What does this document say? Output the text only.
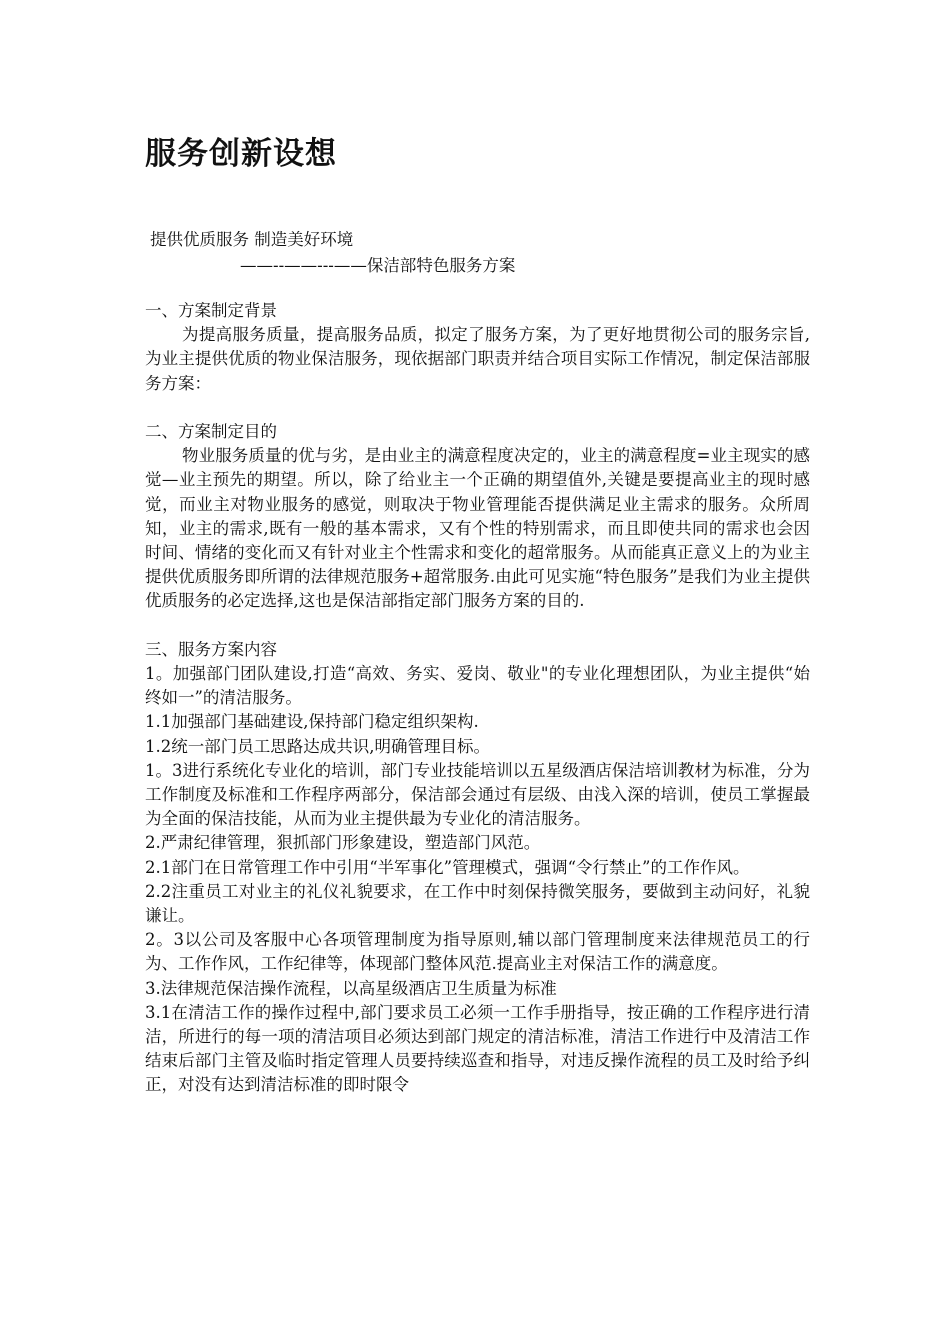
服务创新设想
提供优质服务 制造美好环境
——--——---——保洁部特色服务方案

一、方案制定背景

为提高服务质量，提高服务品质，拟定了服务方案，为了更好地贯彻公司的服务宗旨,为业主提供优质的物业保洁服务，现依据部门职责并结合项目实际工作情况，制定保洁部服务方案：

二、方案制定目的

物业服务质量的优与劣，是由业主的满意程度决定的，业主的满意程度=业主现实的感觉—业主预先的期望。所以，除了给业主一个正确的期望值外,关键是要提高业主的现时感觉，而业主对物业服务的感觉，则取决于物业管理能否提供满足业主需求的服务。众所周知，业主的需求,既有一般的基本需求，又有个性的特别需求，而且即使共同的需求也会因时间、情绪的变化而又有针对业主个性需求和变化的超常服务。从而能真正意义上的为业主提供优质服务即所谓的法律规范服务+超常服务.由此可见实施“特色服务”是我们为业主提供优质服务的必定选择,这也是保洁部指定部门服务方案的目的.

三、服务方案内容

1。加强部门团队建设,打造“高效、务实、爱岗、敬业"的专业化理想团队，为业主提供“始终如一”的清洁服务。

1.1加强部门基础建设,保持部门稳定组织架构.

1.2统一部门员工思路达成共识,明确管理目标。

1。3进行系统化专业化的培训，部门专业技能培训以五星级酒店保洁培训教材为标准，分为工作制度及标准和工作程序两部分，保洁部会通过有层级、由浅入深的培训，使员工掌握最为全面的保洁技能，从而为业主提供最为专业化的清洁服务。

2.严肃纪律管理，狠抓部门形象建设，塑造部门风范。

2.1部门在日常管理工作中引用“半军事化”管理模式，强调“令行禁止”的工作作风。

2.2注重员工对业主的礼仪礼貌要求，在工作中时刻保持微笑服务，要做到主动问好，礼貌谦让。

2。3以公司及客服中心各项管理制度为指导原则,辅以部门管理制度来法律规范员工的行为、工作作风，工作纪律等，体现部门整体风范.提高业主对保洁工作的满意度。

3.法律规范保洁操作流程，以高星级酒店卫生质量为标准

3.1在清洁工作的操作过程中,部门要求员工必须一工作手册指导，按正确的工作程序进行清洁，所进行的每一项的清洁项目必须达到部门规定的清洁标准，清洁工作进行中及清洁工作结束后部门主管及临时指定管理人员要持续巡查和指导，对违反操作流程的员工及时给予纠正，对没有达到清洁标准的即时限令
